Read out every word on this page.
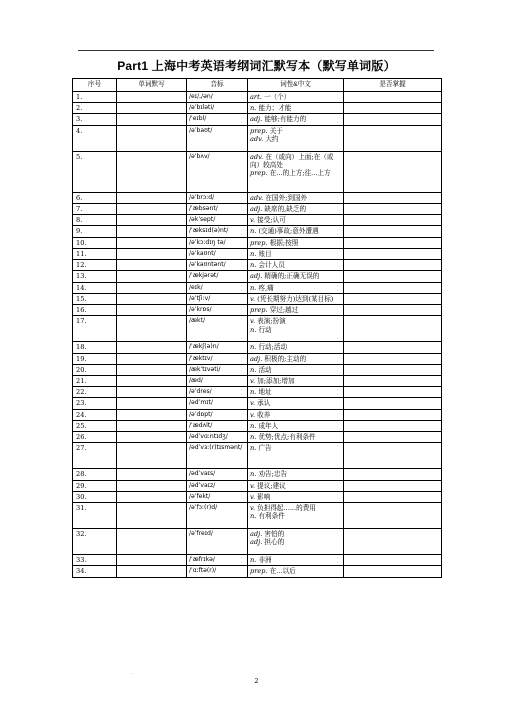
Part1 上海中考英语考纲词汇默写本（默写单词版）
序号	单词默写	音标	词性&中文	是否掌握
1.		/eɪ/,/ən/	art. 一（个）	

2.		/əˈbɪləti/	n. 能力；才能	

3.		/ˈeɪbl/	adj. 能够;有能力的	

4.		/əˈbaʊt/	prep. 关于
adv. 大约	

5.		/əˈbʌv/	adv. 在（或向）上面;在（或向）较高处
prep. 在...的上方;往...上方	

6.		/əˈbrɔːd/	adv. 在国外;到国外	

7.		/ˈæbsənt/	adj. 缺席的,缺乏的	

8.		/əkˈsept/	v. 接受;认可	

9.		/ˈæksɪd(ə)nt/	n. (交通)事故;意外遭遇	

10.		/əˈkɔːdɪŋ tə/	prep. 根据;按照	

11.		/əˈkaʊnt/	n. 账目	

12.		/əˈkaʊntənt/	n. 会计人员	

13.		/ˈækjərət/	adj. 精确的;正确无误的	

14.		/eɪk/	n. 疼,痛	

15.		/əˈtʃiːv/	v. (凭长期努力)达到(某目标)	

16.		/əˈkrɒs/	prep. 穿过;越过	

17.		/ækt/	v. 表演;扮演
n. 行动	

18.		/ˈækʃ(ə)n/	n. 行动;活动	

19.		/ˈæktɪv/	adj. 积极的;主动的	

20.		/ækˈtɪvəti/	n. 活动	

21.		/æd/	v. 加;添加;增加	

22.		/əˈdres/	n. 地址	

23.		/ədˈmɪt/	v. 承认	

24.		/əˈdɒpt/	v. 收养	

25.		/ˈædʌlt/	n. 成年人	

26.		/ədˈvɑːntɪdʒ/	n. 优势;优点;有利条件	

27.		/ədˈvɜː(r)tɪsmənt/	n. 广告	

28.		/ədˈvaɪs/	n. 劝告;忠告	

29.		/ədˈvaɪz/	v. 提议;建议	

30.		/əˈfekt/	v. 影响	

31.		/əˈfɔː(r)d/	v. 负担得起......的费用
n. 有利条件	

32.		/əˈfreɪd/	adj. 害怕的
adj. 担心的	

33.		/ˈæfrɪkə/	n. 非洲	

34.		/ˈɑːftə(r)/	prep. 在...以后	

.
2
